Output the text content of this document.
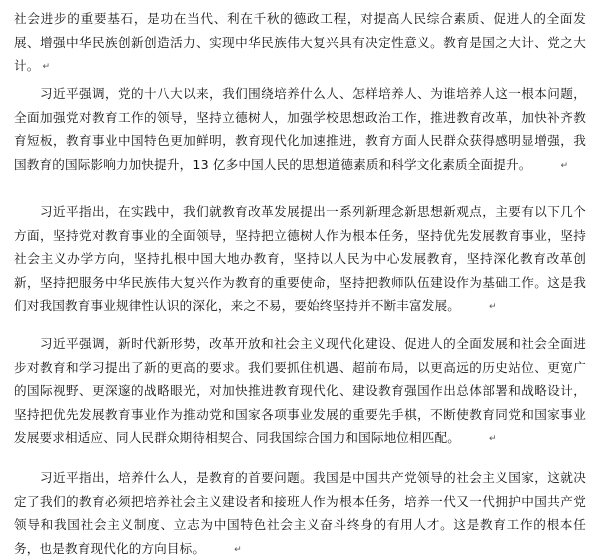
社会进步的重要基石，是功在当代、利在千秋的德政工程，对提高人民综合素质、促进人的全面发展、增强中华民族创新创造活力、实现中华民族伟大复兴具有决定性意义。教育是国之大计、党之大计。 ↵

习近平强调，党的十八大以来，我们围绕培养什么人、怎样培养人、为谁培养人这一根本问题，全面加强党对教育工作的领导，坚持立德树人，加强学校思想政治工作，推进教育改革，加快补齐教育短板，教育事业中国特色更加鲜明，教育现代化加速推进，教育方面人民群众获得感明显增强，我国教育的国际影响力加快提升，13 亿多中国人民的思想道德素质和科学文化素质全面提升。	↵

习近平指出，在实践中，我们就教育改革发展提出一系列新理念新思想新观点，主要有以下几个方面，坚持党对教育事业的全面领导，坚持把立德树人作为根本任务，坚持优先发展教育事业，坚持社会主义办学方向，坚持扎根中国大地办教育，坚持以人民为中心发展教育，坚持深化教育改革创新，坚持把服务中华民族伟大复兴作为教育的重要使命，坚持把教师队伍建设作为基础工作。这是我们对我国教育事业规律性认识的深化，来之不易，要始终坚持并不断丰富发展。	↵

习近平强调，新时代新形势，改革开放和社会主义现代化建设、促进人的全面发展和社会全面进步对教育和学习提出了新的更高的要求。我们要抓住机遇、超前布局，以更高远的历史站位、更宽广的国际视野、更深邃的战略眼光，对加快推进教育现代化、建设教育强国作出总体部署和战略设计，坚持把优先发展教育事业作为推动党和国家各项事业发展的重要先手棋，不断使教育同党和国家事业发展要求相适应、同人民群众期待相契合、同我国综合国力和国际地位相匹配。	↵

习近平指出，培养什么人，是教育的首要问题。我国是中国共产党领导的社会主义国家，这就决定了我们的教育必须把培养社会主义建设者和接班人作为根本任务，培养一代又一代拥护中国共产党领导和我国社会主义制度、立志为中国特色社会主义奋斗终身的有用人才。这是教育工作的根本任务，也是教育现代化的方向目标。	↵
